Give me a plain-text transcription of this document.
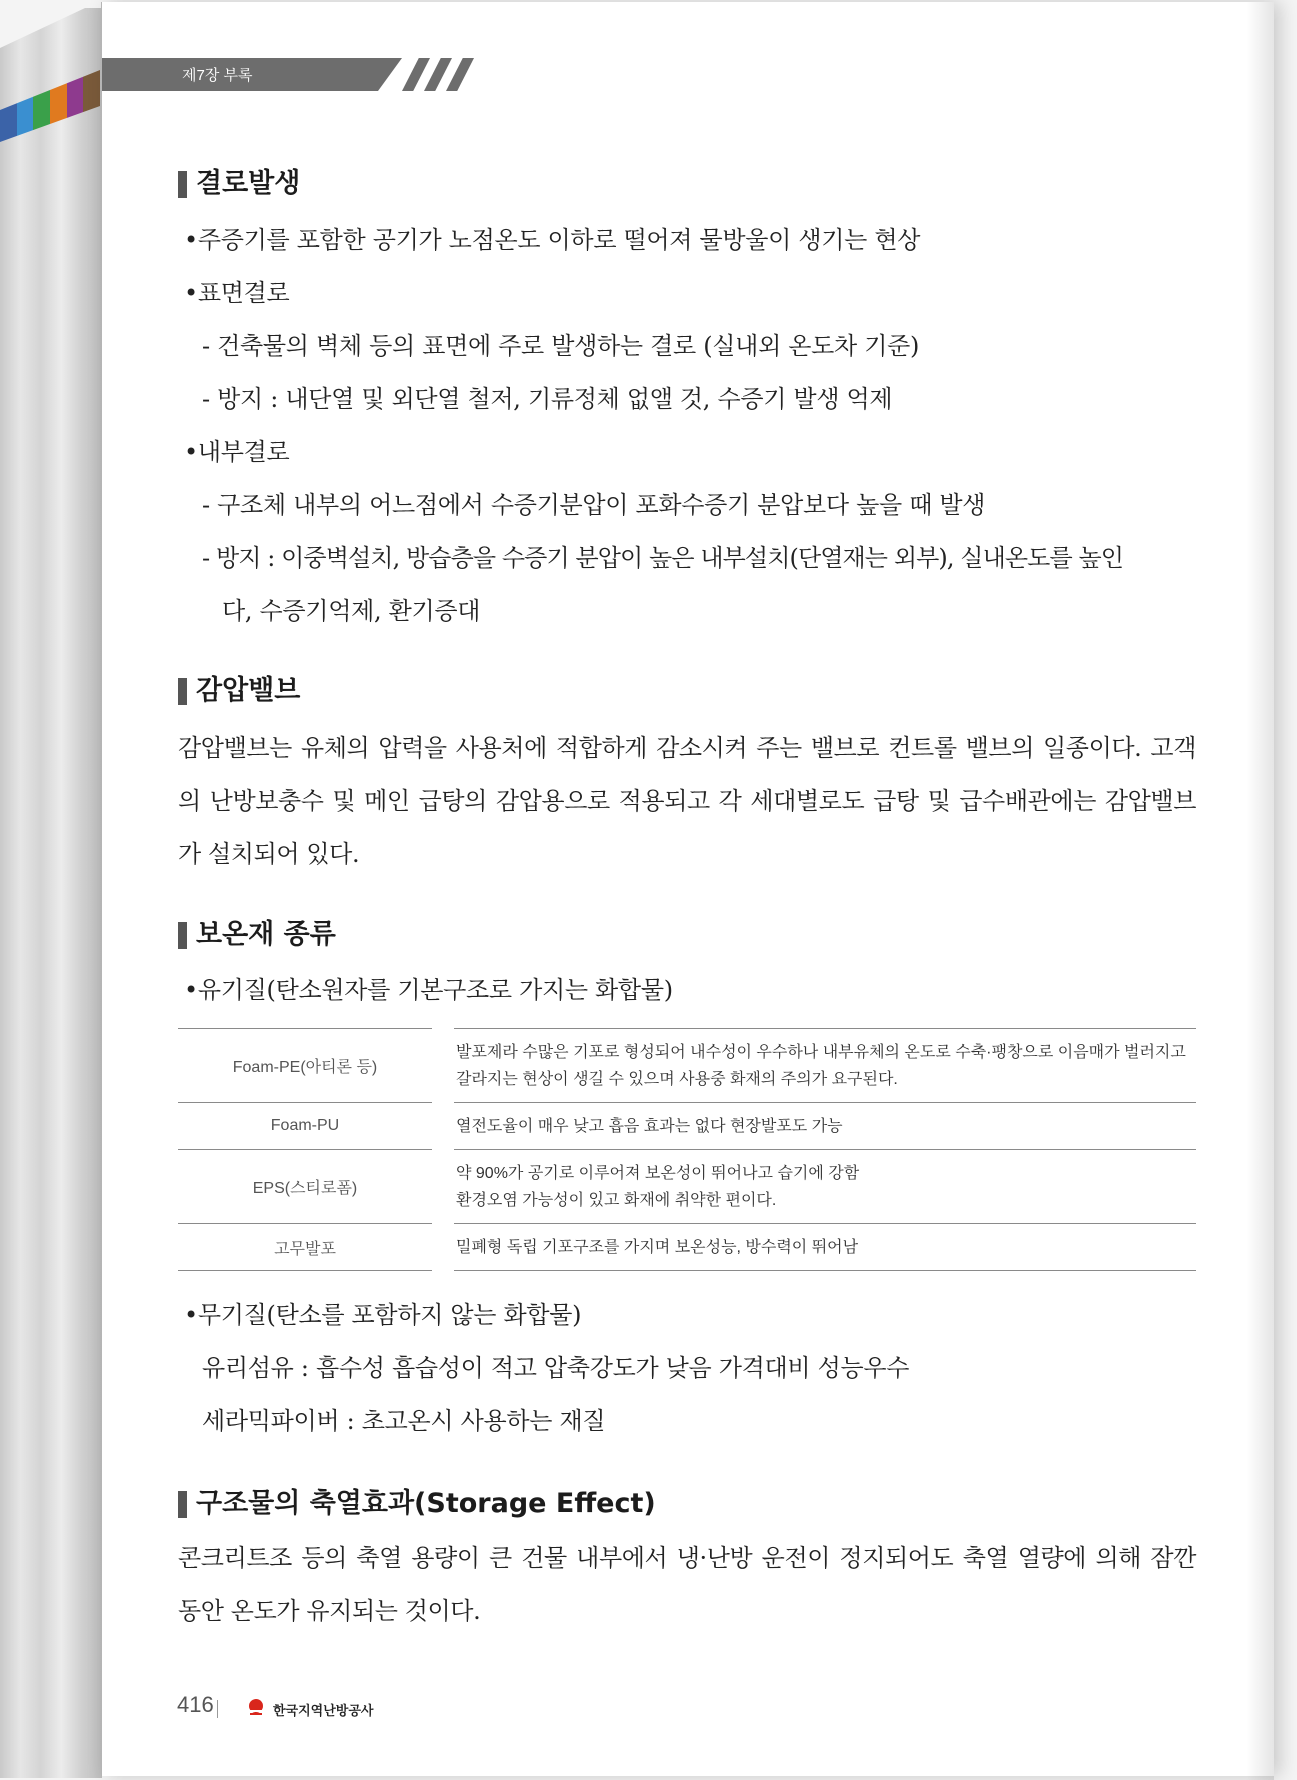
제7장 부록
결로발생
•주증기를 포함한 공기가 노점온도 이하로 떨어져 물방울이 생기는 현상
•표면결로
- 건축물의 벽체 등의 표면에 주로 발생하는 결로 (실내외 온도차 기준)
- 방지 : 내단열 및 외단열 철저, 기류정체 없앨 것, 수증기 발생 억제
•내부결로
- 구조체 내부의 어느점에서 수증기분압이 포화수증기 분압보다 높을 때 발생
- 방지 : 이중벽설치, 방습층을 수증기 분압이 높은 내부설치(단열재는 외부), 실내온도를 높인
다, 수증기억제, 환기증대
감압밸브
감압밸브는 유체의 압력을 사용처에 적합하게 감소시켜 주는 밸브로 컨트롤 밸브의 일종이다. 고객의 난방보충수 및 메인 급탕의 감압용으로 적용되고 각 세대별로도 급탕 및 급수배관에는 감압밸브가 설치되어 있다.
보온재 종류
•유기질(탄소원자를 기본구조로 가지는 화합물)
Foam-PE(아티론 등)	발포제라 수많은 기포로 형성되어 내수성이 우수하나 내부유체의 온도로 수축·팽창으로 이음매가 벌러지고
갈라지는 현상이 생길 수 있으며 사용중 화재의 주의가 요구된다.

Foam-PU	열전도율이 매우 낮고 흡음 효과는 없다 현장발포도 가능

EPS(스티로폼)	약 90%가 공기로 이루어져 보온성이 뛰어나고 습기에 강함
환경오염 가능성이 있고 화재에 취약한 편이다.

고무발포	밀폐형 독립 기포구조를 가지며 보온성능, 방수력이 뛰어남
•무기질(탄소를 포함하지 않는 화합물)
유리섬유 : 흡수성 흡습성이 적고 압축강도가 낮음 가격대비 성능우수
세라믹파이버 : 초고온시 사용하는 재질
구조물의 축열효과(Storage Effect)
콘크리트조 등의 축열 용량이 큰 건물 내부에서 냉·난방 운전이 정지되어도 축열 열량에 의해 잠깐 동안 온도가 유지되는 것이다.
416	한국지역난방공사
